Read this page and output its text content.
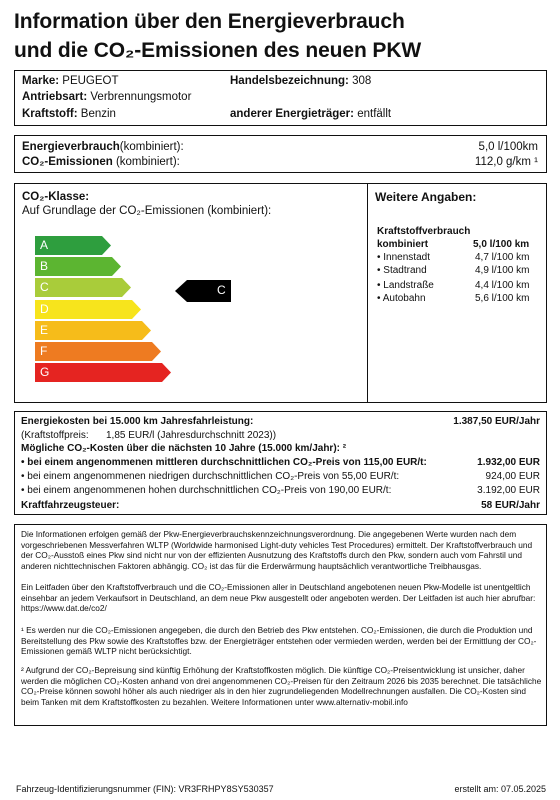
Information über den Energieverbrauch
und die CO₂-Emissionen des neuen PKW
Marke: PEUGEOT	Handelsbezeichnung: 308
Antriebsart: Verbrennungsmotor
Kraftstoff: Benzin	anderer Energieträger: entfällt
Energieverbrauch(kombiniert):	5,0 l/100km
CO₂-Emissionen (kombiniert):	112,0 g/km ¹
CO₂-Klasse:
Auf Grundlage der CO₂-Emissionen (kombiniert):
A
B
C
D
E
F
G
C
Weitere Angaben:
Kraftstoffverbrauch
kombiniert	5,0 l/100 km
• Innenstadt	4,7 l/100 km
• Stadtrand	4,9 l/100 km
• Landstraße	4,4 l/100 km
• Autobahn	5,6 l/100 km
Energiekosten bei 15.000 km Jahresfahrleistung:	1.387,50 EUR/Jahr
(Kraftstoffpreis: 1,85 EUR/l (Jahresdurchschnitt 2023))
Mögliche CO₂-Kosten über die nächsten 10 Jahre (15.000 km/Jahr): ²
• bei einem angenommenen mittleren durchschnittlichen CO₂-Preis von 115,00 EUR/t:	1.932,00 EUR
• bei einem angenommenen niedrigen durchschnittlichen CO₂-Preis von 55,00 EUR/t:	924,00 EUR
• bei einem angenommenen hohen durchschnittlichen CO₂-Preis von 190,00 EUR/t:	3.192,00 EUR
Kraftfahrzeugsteuer:	58 EUR/Jahr

Die Informationen erfolgen gemäß der Pkw-Energieverbrauchskennzeichnungsverordnung. Die angegebenen Werte wurden nach dem vorgeschriebenen Messverfahren WLTP (Worldwide harmonised Light-duty vehicles Test Procedures) ermittelt. Der Kraftstoffverbrauch und der CO₂-Ausstoß eines Pkw sind nicht nur von der effizienten Ausnutzung des Kraftstoffs durch den Pkw, sondern auch vom Fahrstil und anderen nichttechnischen Faktoren abhängig. CO₂ ist das für die Erderwärmung hauptsächlich verantwortliche Treibhausgas.

Ein Leitfaden über den Kraftstoffverbrauch und die CO₂-Emissionen aller in Deutschland angebotenen neuen Pkw-Modelle ist unentgeltlich einsehbar an jedem Verkaufsort in Deutschland, an dem neue Pkw ausgestellt oder angeboten werden. Der Leitfaden ist auch hier abrufbar: https://www.dat.de/co2/

¹ Es werden nur die CO₂-Emissionen angegeben, die durch den Betrieb des Pkw entstehen. CO₂-Emissionen, die durch die Produktion und Bereitstellung des Pkw sowie des Kraftstoffes bzw. der Energieträger entstehen oder vermieden werden, werden bei der Ermittlung der CO₂-Emissionen gemäß WLTP nicht berücksichtigt.

² Aufgrund der CO₂-Bepreisung sind künftig Erhöhung der Kraftstoffkosten möglich. Die künftige CO₂-Preisentwicklung ist unsicher, daher werden die möglichen CO₂-Kosten anhand von drei angenommenen CO₂-Preisen für den Zeitraum 2026 bis 2035 berechnet. Die tatsächliche CO₂-Preise können sowohl höher als auch niedriger als in den hier zugrundeliegenden Modellrechnungen ausfallen. Die CO₂-Kosten sind beim Tanken mit dem Kraftstoffkosten zu bezahlen. Weitere Informationen unter www.alternativ-mobil.info

Fahrzeug-Identifizierungsnummer (FIN): VR3FRHPY8SY530357	erstellt am: 07.05.2025
